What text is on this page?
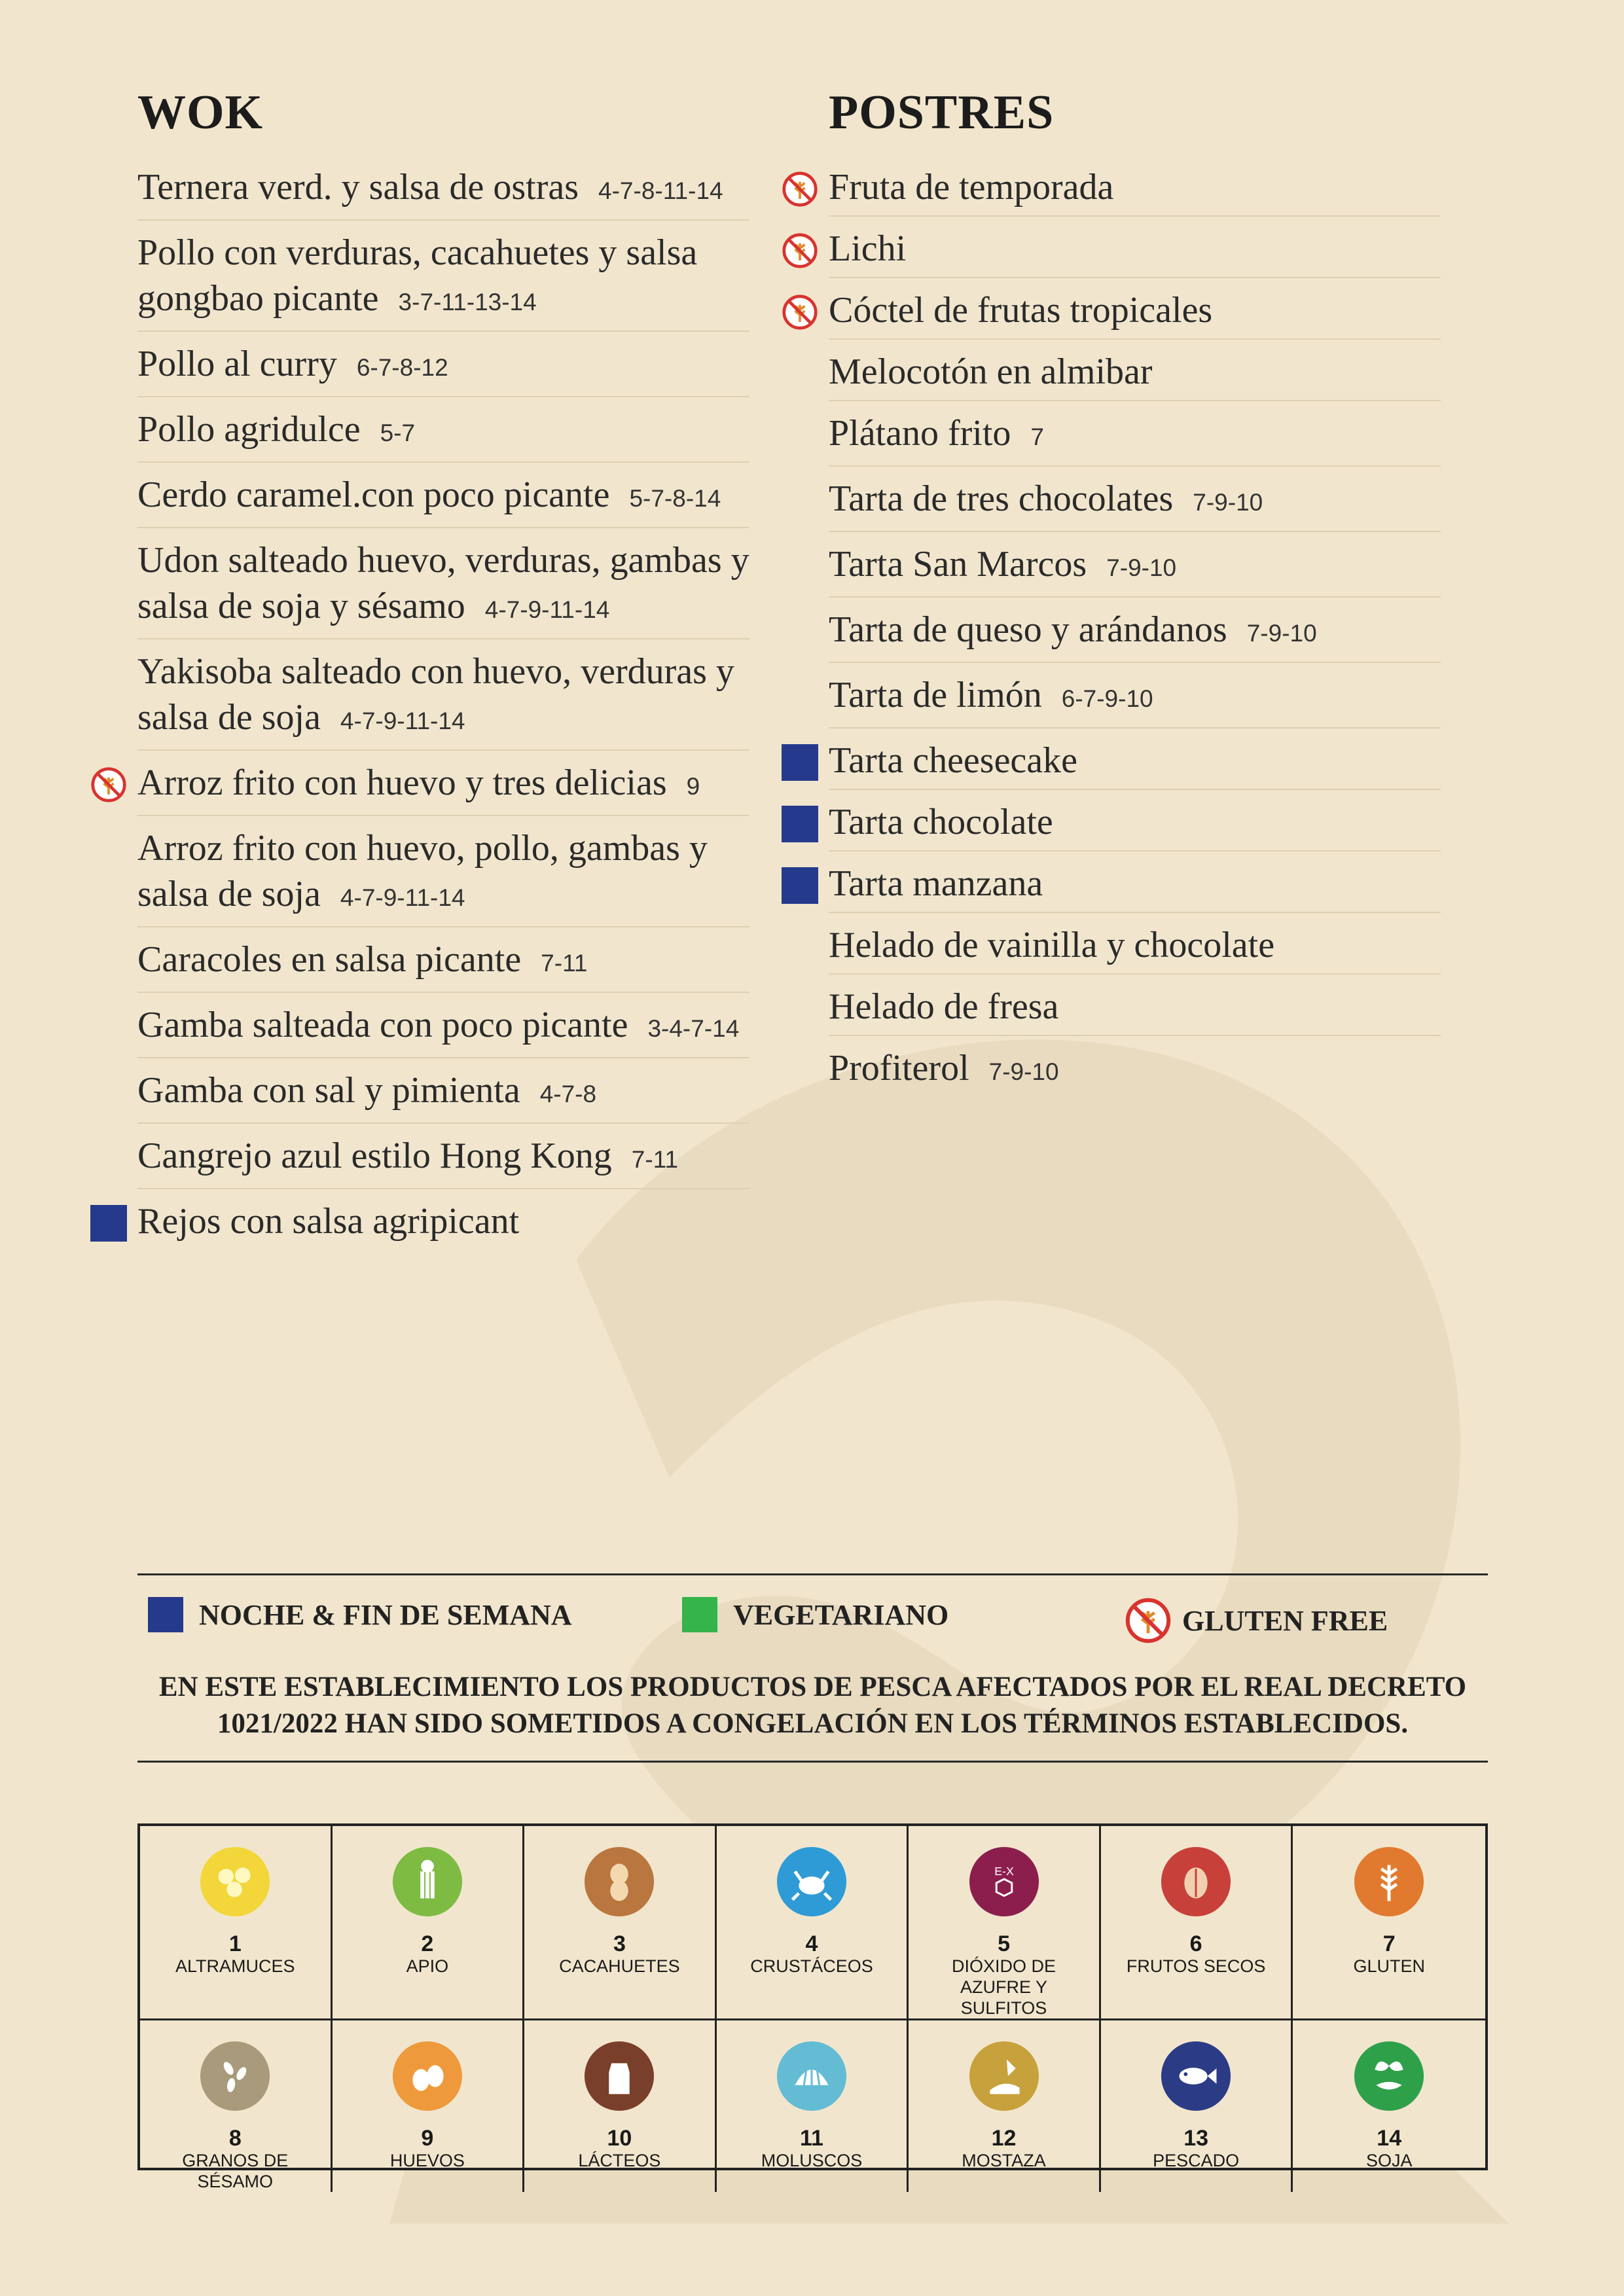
WOK
Ternera verd. y salsa de ostras 4-7-8-11-14
Pollo con verduras, cacahuetes y salsa gongbao picante 3-7-11-13-14
Pollo al curry 6-7-8-12
Pollo agridulce 5-7
Cerdo caramel.con poco picante 5-7-8-14
Udon salteado huevo, verduras, gambas y salsa de soja y sésamo 4-7-9-11-14
Yakisoba salteado con huevo, verduras y salsa de soja 4-7-9-11-14
Arroz frito con huevo y tres delicias 9
Arroz frito con huevo, pollo, gambas y salsa de soja 4-7-9-11-14
Caracoles en salsa picante 7-11
Gamba salteada con poco picante 3-4-7-14
Gamba con sal y pimienta 4-7-8
Cangrejo azul estilo Hong Kong 7-11
Rejos con salsa agripicant
POSTRES
Fruta de temporada
Lichi
Cóctel de frutas tropicales
Melocotón en almibar
Plátano frito 7
Tarta de tres chocolates 7-9-10
Tarta San Marcos 7-9-10
Tarta de queso y arándanos 7-9-10
Tarta de limón 6-7-9-10
Tarta cheesecake
Tarta chocolate
Tarta manzana
Helado de vainilla y chocolate
Helado de fresa
Profiterol 7-9-10
NOCHE & FIN DE SEMANA	VEGETARIANO	GLUTEN FREE
EN ESTE ESTABLECIMIENTO LOS PRODUCTOS DE PESCA AFECTADOS POR EL REAL DECRETO
1021/2022 HAN SIDO SOMETIDOS A CONGELACIÓN EN LOS TÉRMINOS ESTABLECIDOS.
1
ALTRAMUCES
2
APIO
3
CACAHUETES
4
CRUSTÁCEOS
E-X
5
DIÓXIDO DE AZUFRE Y SULFITOS
6
FRUTOS SECOS
7
GLUTEN
8
GRANOS DE SÉSAMO
9
HUEVOS
10
LÁCTEOS
11
MOLUSCOS
12
MOSTAZA
13
PESCADO
14
SOJA
